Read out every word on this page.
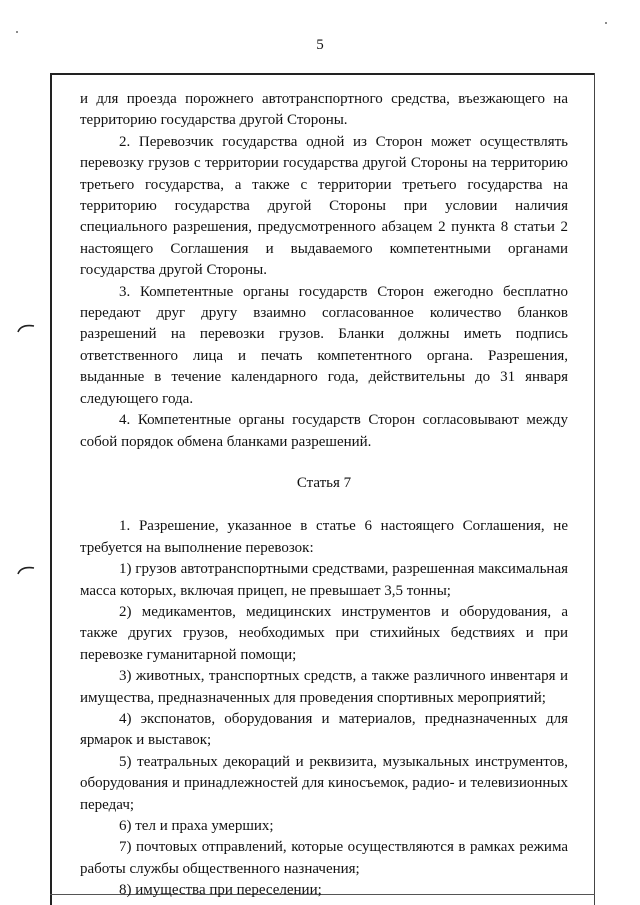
5

и для проезда порожнего автотранспортного средства, въезжающего на территорию государства другой Стороны.

2. Перевозчик государства одной из Сторон может осуществлять перевозку грузов с территории государства другой Стороны на территорию третьего государства, а также с территории третьего государства на территорию государства другой Стороны при условии наличия специального разрешения, предусмотренного абзацем 2 пункта 8 статьи 2 настоящего Соглашения и выдаваемого компетентными органами государства другой Стороны.

3. Компетентные органы государств Сторон ежегодно бесплатно передают друг другу взаимно согласованное количество бланков разрешений на перевозки грузов. Бланки должны иметь подпись ответственного лица и печать компетентного органа. Разрешения, выданные в течение календарного года, действительны до 31 января следующего года.

4. Компетентные органы государств Сторон согласовывают между собой порядок обмена бланками разрешений.

Статья 7

1. Разрешение, указанное в статье 6 настоящего Соглашения, не требуется на выполнение перевозок:

1) грузов автотранспортными средствами, разрешенная максимальная масса которых, включая прицеп, не превышает 3,5 тонны;

2) медикаментов, медицинских инструментов и оборудования, а также других грузов, необходимых при стихийных бедствиях и при перевозке гуманитарной помощи;

3) животных, транспортных средств, а также различного инвентаря и имущества, предназначенных для проведения спортивных мероприятий;

4) экспонатов, оборудования и материалов, предназначенных для ярмарок и выставок;

5) театральных декораций и реквизита, музыкальных инструментов, оборудования и принадлежностей для киносъемок, радио- и телевизионных передач;

6) тел и праха умерших;

7) почтовых отправлений, которые осуществляются в рамках режима работы службы общественного назначения;

8) имущества при переселении;
